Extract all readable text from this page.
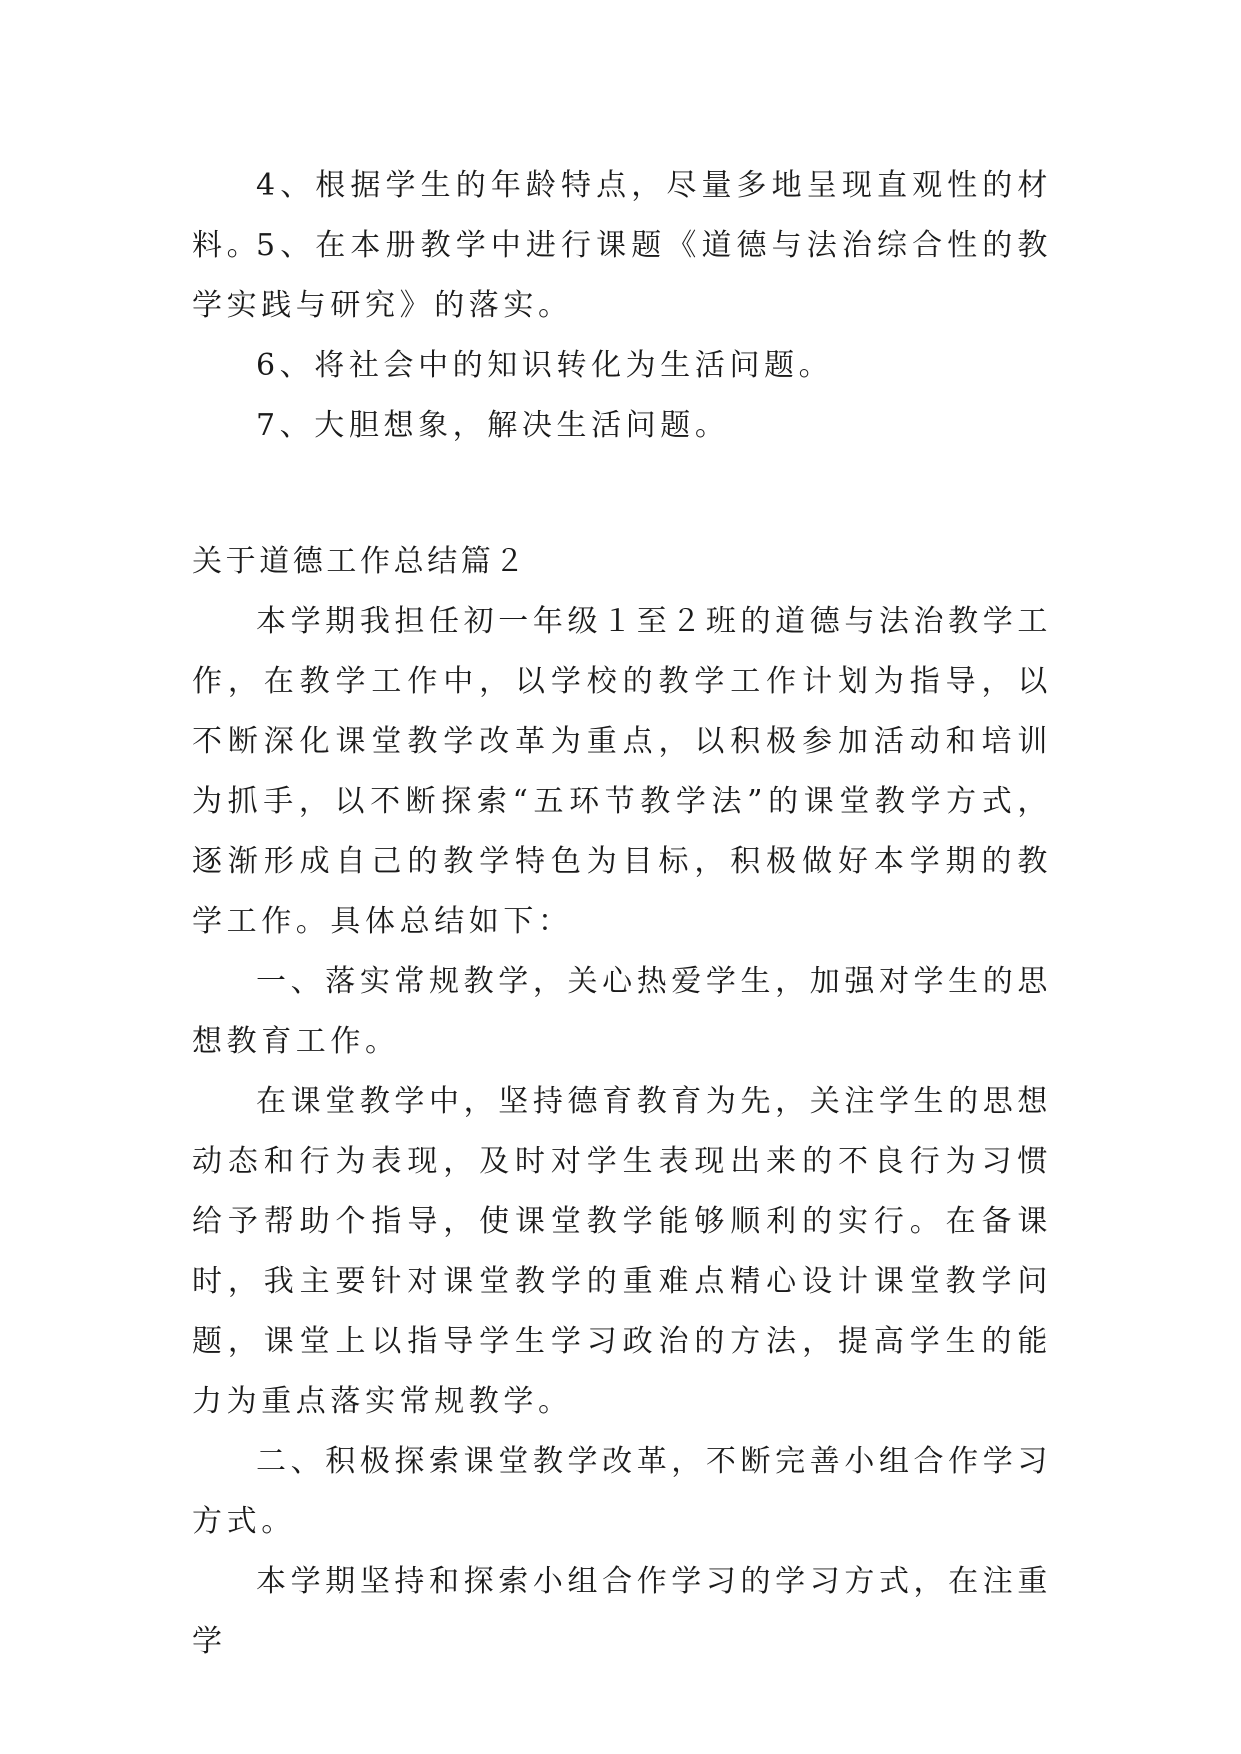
4、根据学生的年龄特点，尽量多地呈现直观性的材料。

5、在本册教学中进行课题《道德与法治综合性的教学实践与研究》的落实。

6、将社会中的知识转化为生活问题。

7、大胆想象，解决生活问题。

关于道德工作总结篇２

本学期我担任初一年级１至２班的道德与法治教学工作，在教学工作中，以学校的教学工作计划为指导，以不断深化课堂教学改革为重点，以积极参加活动和培训为抓手，以不断探索“五环节教学法”的课堂教学方式，逐渐形成自己的教学特色为目标，积极做好本学期的教学工作。具体总结如下：

一、落实常规教学，关心热爱学生，加强对学生的思想教育工作。

在课堂教学中，坚持德育教育为先，关注学生的思想动态和行为表现，及时对学生表现出来的不良行为习惯给予帮助个指导，使课堂教学能够顺利的实行。在备课时，我主要针对课堂教学的重难点精心设计课堂教学问题，课堂上以指导学生学习政治的方法，提高学生的能力为重点落实常规教学。

二、积极探索课堂教学改革，不断完善小组合作学习方式。

本学期坚持和探索小组合作学习的学习方式，在注重学
